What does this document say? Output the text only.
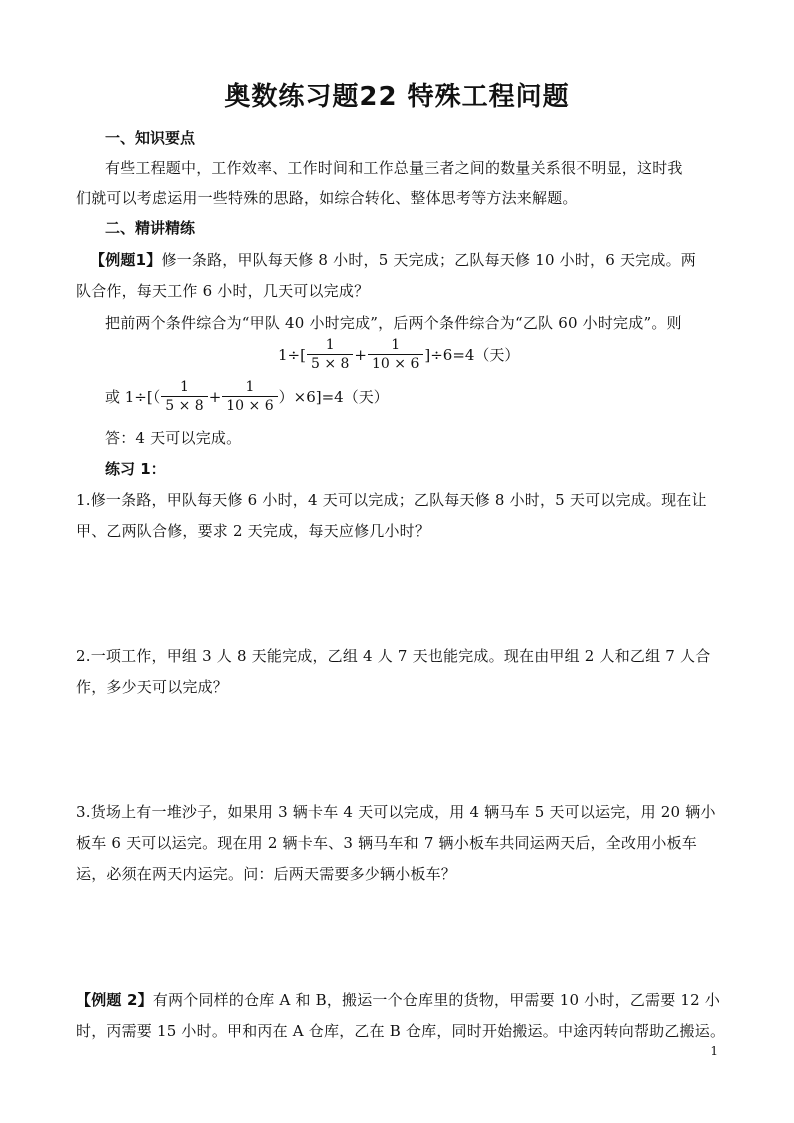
奥数练习题22 特殊工程问题
一、知识要点
有些工程题中，工作效率、工作时间和工作总量三者之间的数量关系很不明显，这时我
们就可以考虑运用一些特殊的思路，如综合转化、整体思考等方法来解题。
二、精讲精练
【例题1】修一条路，甲队每天修 8 小时，5 天完成；乙队每天修 10 小时，6 天完成。两
队合作，每天工作 6 小时，几天可以完成？
把前两个条件综合为“甲队 40 小时完成”，后两个条件综合为“乙队 60 小时完成”。则
$1\div[ \frac{1}{5 \times 8} + \frac{1}{10 \times 6} ]\div 6=4$（天）
或 $1\div[( \frac{1}{5 \times 8} + \frac{1}{10 \times 6} )\times 6]=4$（天）
答：4 天可以完成。
练习 1：
1.修一条路，甲队每天修 6 小时，4 天可以完成；乙队每天修 8 小时，5 天可以完成。现在让
甲、乙两队合修，要求 2 天完成，每天应修几小时？
2.一项工作，甲组 3 人 8 天能完成，乙组 4 人 7 天也能完成。现在由甲组 2 人和乙组 7 人合
作，多少天可以完成？
3.货场上有一堆沙子，如果用 3 辆卡车 4 天可以完成，用 4 辆马车 5 天可以运完，用 20 辆小
板车 6 天可以运完。现在用 2 辆卡车、3 辆马车和 7 辆小板车共同运两天后，全改用小板车
运，必须在两天内运完。问：后两天需要多少辆小板车？
【例题 2】有两个同样的仓库 A 和 B，搬运一个仓库里的货物，甲需要 10 小时，乙需要 12 小
时，丙需要 15 小时。甲和丙在 A 仓库，乙在 B 仓库，同时开始搬运。中途丙转向帮助乙搬运。
1
